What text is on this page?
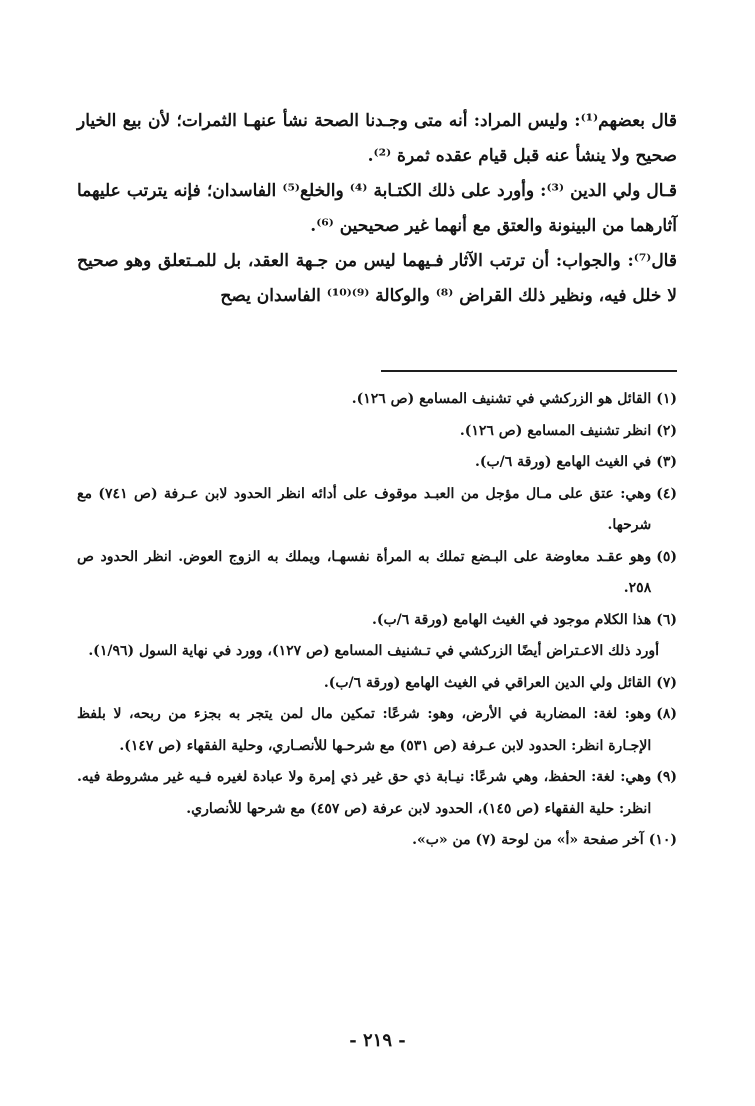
قال بعضهم⁽¹⁾: وليس المراد: أنه متى وجـدنا الصحة نشأ عنهـا الثمرات؛ لأن بيع الخيار صحيح ولا ينشأ عنه قبل قيام عقده ثمرة ⁽²⁾.

قـال ولي الدين ⁽³⁾: وأورد على ذلك الكتـابة ⁽⁴⁾ والخلع⁽⁵⁾ الفاسدان؛ فإنه يترتب عليهما آثارهما من البينونة والعتق مع أنهما غير صحيحين ⁽⁶⁾.

قال⁽⁷⁾: والجواب: أن ترتب الآثار فـيهما ليس من جـهة العقد، بل للمـتعلق وهو صحيح لا خلل فيه، ونظير ذلك القراض ⁽⁸⁾ والوكالة ⁽⁹⁾⁽¹⁰⁾ الفاسدان يصح

(١)
القائل هو الزركشي في تشنيف المسامع (ص ١٢٦).
(٢)
انظر تشنيف المسامع (ص ١٢٦).
(٣)
في الغيث الهامع (ورقة ٦/ب).
(٤)
وهي: عتق على مـال مؤجل من العبـد موقوف على أدائه انظر الحدود لابن عـرفة (ص ٧٤١) مع شرحها.
(٥)
وهو عقـد معاوضة على البـضع تملك به المرأة نفسهـا، ويملك به الزوج العوض. انظر الحدود ص ٢٥٨.
(٦)
هذا الكلام موجود في الغيث الهامع (ورقة ٦/ب).
أورد ذلك الاعـتراض أيضًا الزركشي في تـشنيف المسامع (ص ١٢٧)، وورد في نهاية السول (١/٩٦).
(٧)
القائل ولي الدين العراقي في الغيث الهامع (ورقة ٦/ب).
(٨)
وهو: لغة: المضاربة في الأرض، وهو: شرعًا: تمكين مال لمن يتجر به بجزء من ربحه، لا بلفظ الإجـارة انظر: الحدود لابن عـرفة (ص ٥٣١) مع شرحـها للأنصـاري، وحلية الفقهاء (ص ١٤٧).
(٩)
وهي: لغة: الحفظ، وهي شرعًا: نيـابة ذي حق غير ذي إمرة ولا عبادة لغيره فـيه غير مشروطة فيه. انظر: حلية الفقهاء (ص ١٤٥)، الحدود لابن عرفة (ص ٤٥٧) مع شرحها للأنصاري.
(١٠)
آخر صفحة «أ» من لوحة (٧) من «ب».
- ٢١٩ -
